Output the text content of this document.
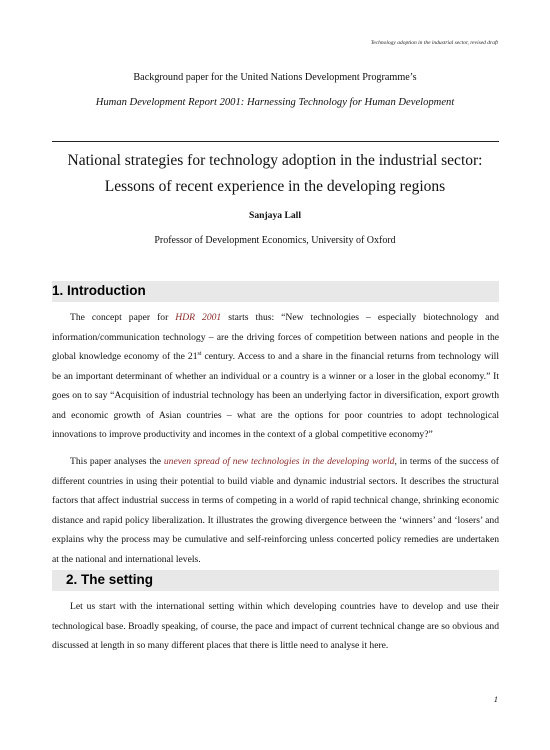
Technology adoption in the industrial sector, revised draft
Background paper for the United Nations Development Programme’s
Human Development Report 2001: Harnessing Technology for Human Development
National strategies for technology adoption in the industrial sector:
Lessons of recent experience in the developing regions
Sanjaya Lall
Professor of Development Economics, University of Oxford
1. Introduction

The concept paper for HDR 2001 starts thus: “New technologies – especially biotechnology and information/communication technology – are the driving forces of competition between nations and people in the global knowledge economy of the 21st century. Access to and a share in the financial returns from technology will be an important determinant of whether an individual or a country is a winner or a loser in the global economy.” It goes on to say “Acquisition of industrial technology has been an underlying factor in diversification, export growth and economic growth of Asian countries – what are the options for poor countries to adopt technological innovations to improve productivity and incomes in the context of a global competitive economy?”

This paper analyses the uneven spread of new technologies in the developing world, in terms of the success of different countries in using their potential to build viable and dynamic industrial sectors. It describes the structural factors that affect industrial success in terms of competing in a world of rapid technical change, shrinking economic distance and rapid policy liberalization. It illustrates the growing divergence between the ‘winners’ and ‘losers’ and explains why the process may be cumulative and self-reinforcing unless concerted policy remedies are undertaken at the national and international levels.

2. The setting

Let us start with the international setting within which developing countries have to develop and use their technological base. Broadly speaking, of course, the pace and impact of current technical change are so obvious and discussed at length in so many different places that there is little need to analyse it here.

1
